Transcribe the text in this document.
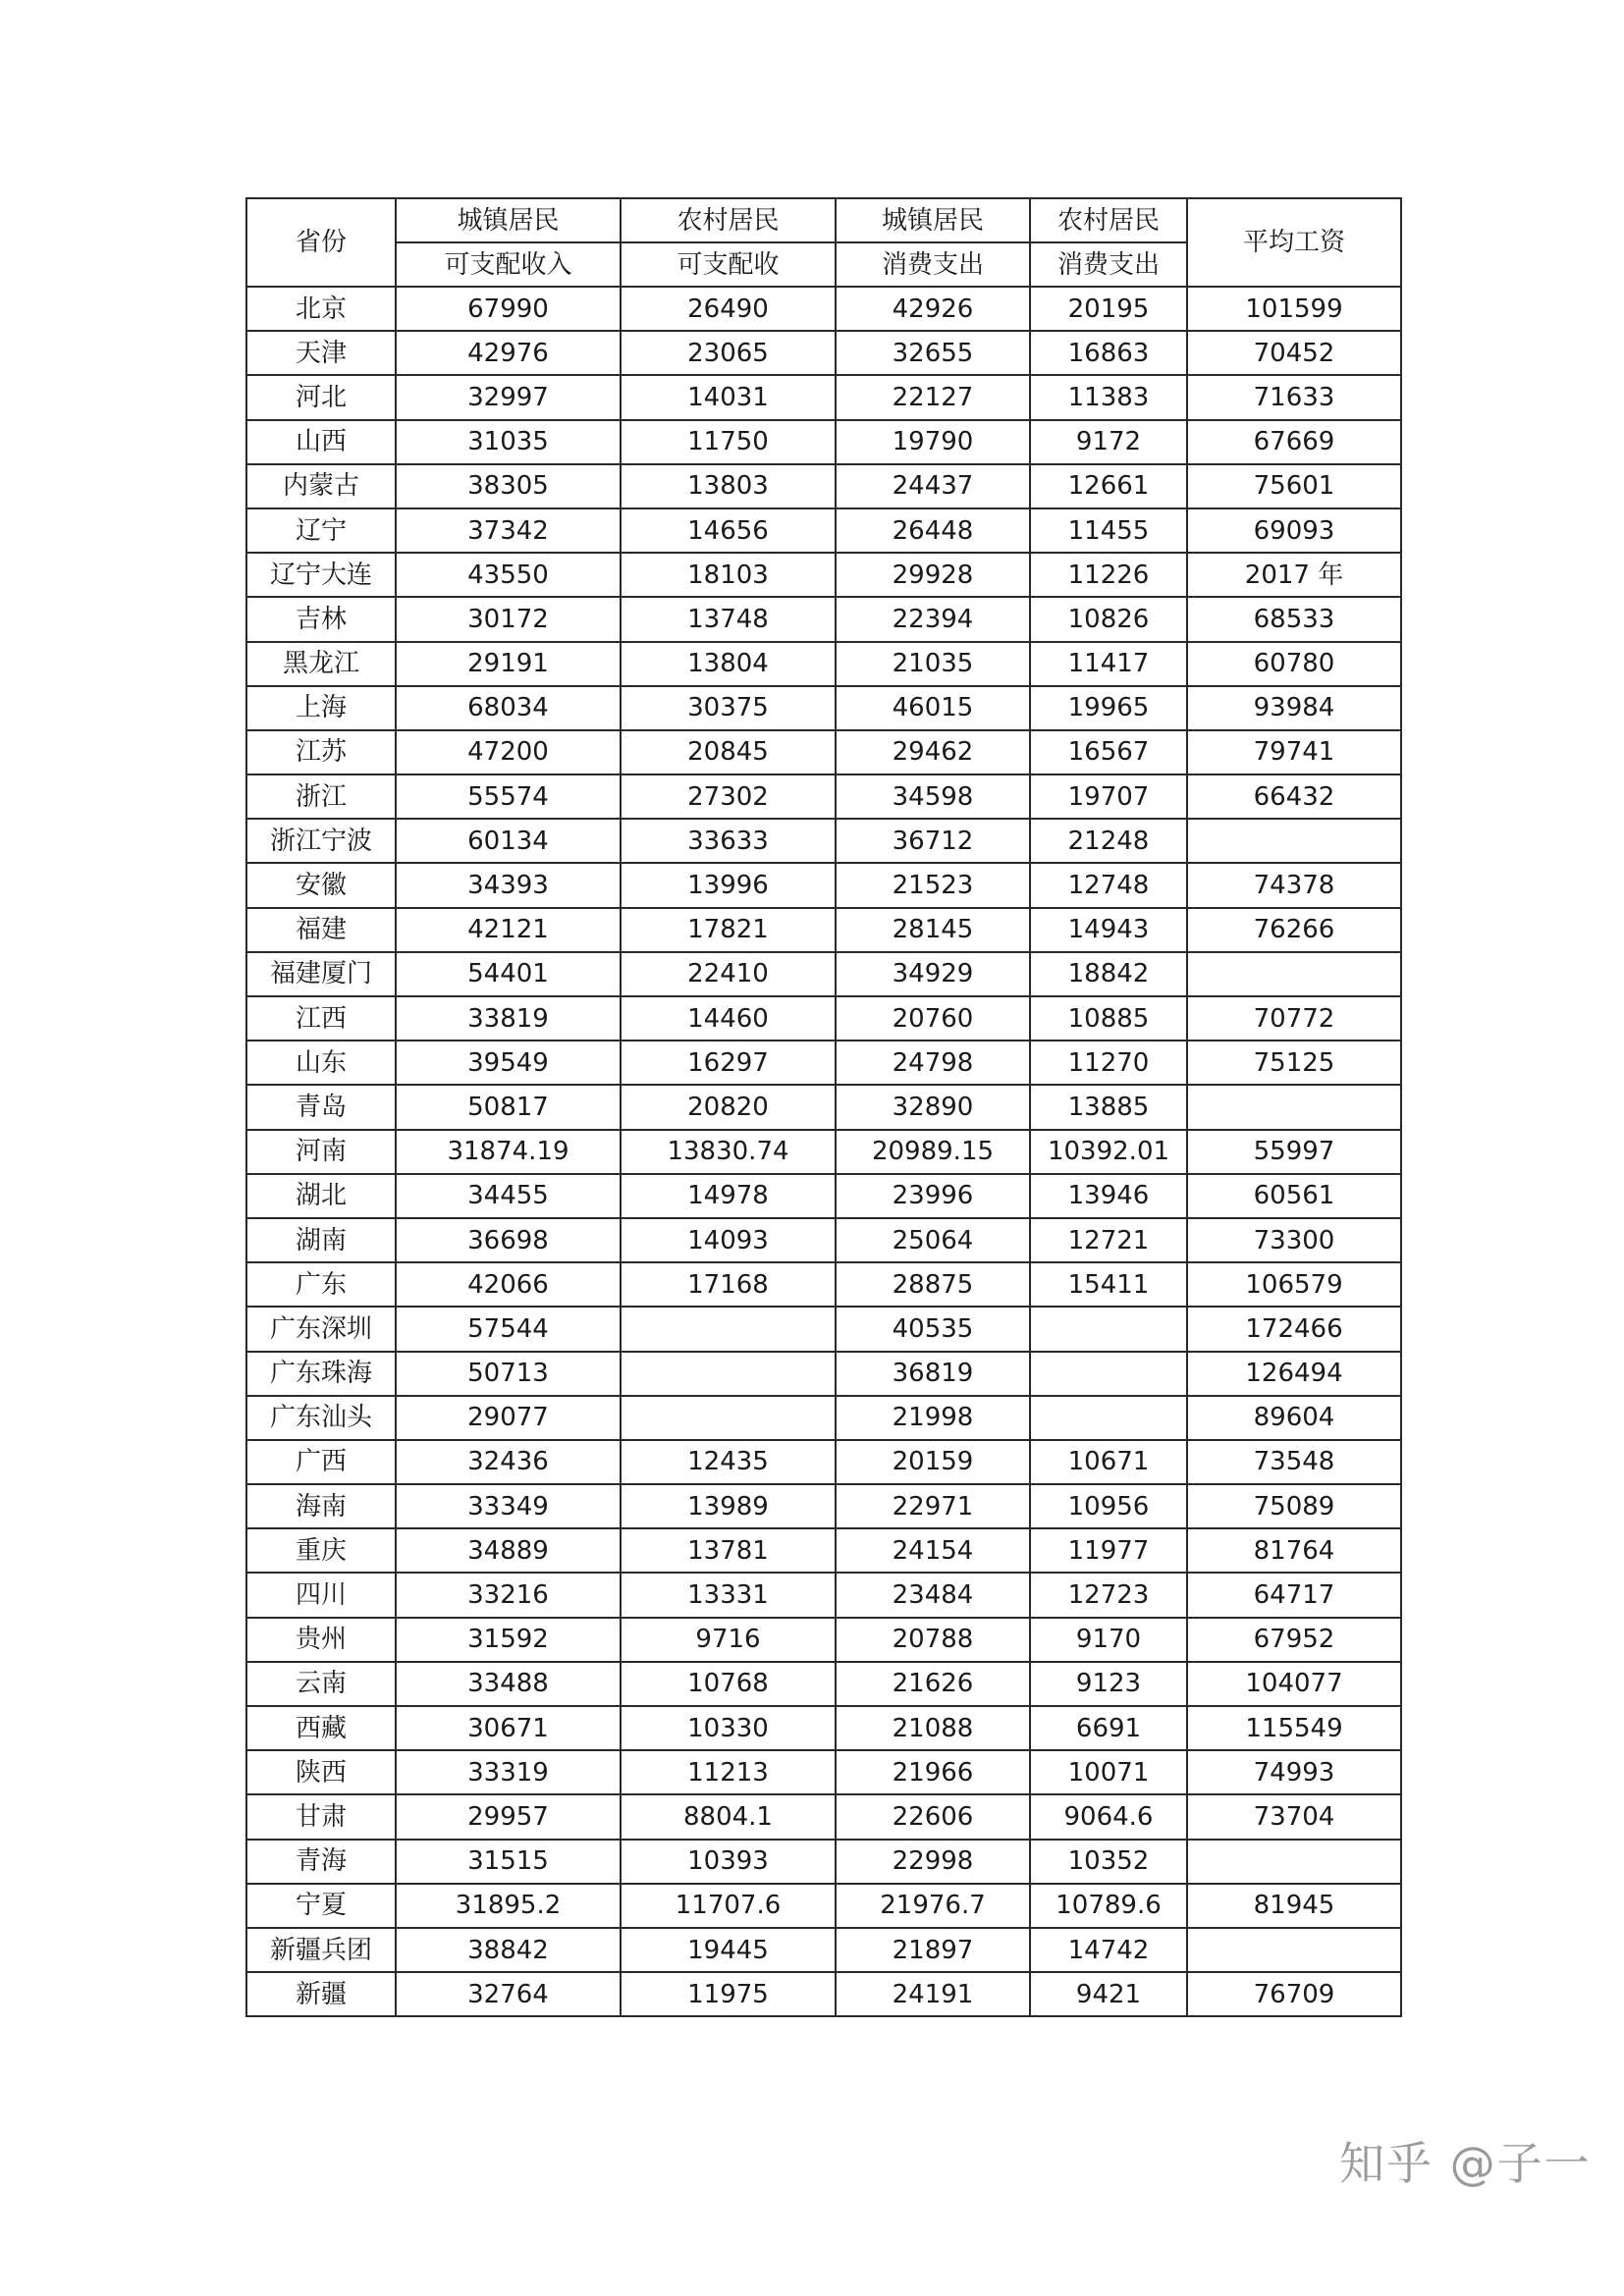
省份	城镇居民	农村居民	城镇居民	农村居民	平均工资
	可支配收入	可支配收	消费支出	消费支出	
北京	67990	26490	42926	20195	101599
天津	42976	23065	32655	16863	70452
河北	32997	14031	22127	11383	71633
山西	31035	11750	19790	9172	67669
内蒙古	38305	13803	24437	12661	75601
辽宁	37342	14656	26448	11455	69093
辽宁大连	43550	18103	29928	11226	2017 年
吉林	30172	13748	22394	10826	68533
黑龙江	29191	13804	21035	11417	60780
上海	68034	30375	46015	19965	93984
江苏	47200	20845	29462	16567	79741
浙江	55574	27302	34598	19707	66432
浙江宁波	60134	33633	36712	21248	
安徽	34393	13996	21523	12748	74378
福建	42121	17821	28145	14943	76266
福建厦门	54401	22410	34929	18842	
江西	33819	14460	20760	10885	70772
山东	39549	16297	24798	11270	75125
青岛	50817	20820	32890	13885	
河南	31874.19	13830.74	20989.15	10392.01	55997
湖北	34455	14978	23996	13946	60561
湖南	36698	14093	25064	12721	73300
广东	42066	17168	28875	15411	106579
广东深圳	57544		40535		172466
广东珠海	50713		36819		126494
广东汕头	29077		21998		89604
广西	32436	12435	20159	10671	73548
海南	33349	13989	22971	10956	75089
重庆	34889	13781	24154	11977	81764
四川	33216	13331	23484	12723	64717
贵州	31592	9716	20788	9170	67952
云南	33488	10768	21626	9123	104077
西藏	30671	10330	21088	6691	115549
陕西	33319	11213	21966	10071	74993
甘肃	29957	8804.1	22606	9064.6	73704
青海	31515	10393	22998	10352	
宁夏	31895.2	11707.6	21976.7	10789.6	81945
新疆兵团	38842	19445	21897	14742	
新疆	32764	11975	24191	9421	76709
知乎 @子一
